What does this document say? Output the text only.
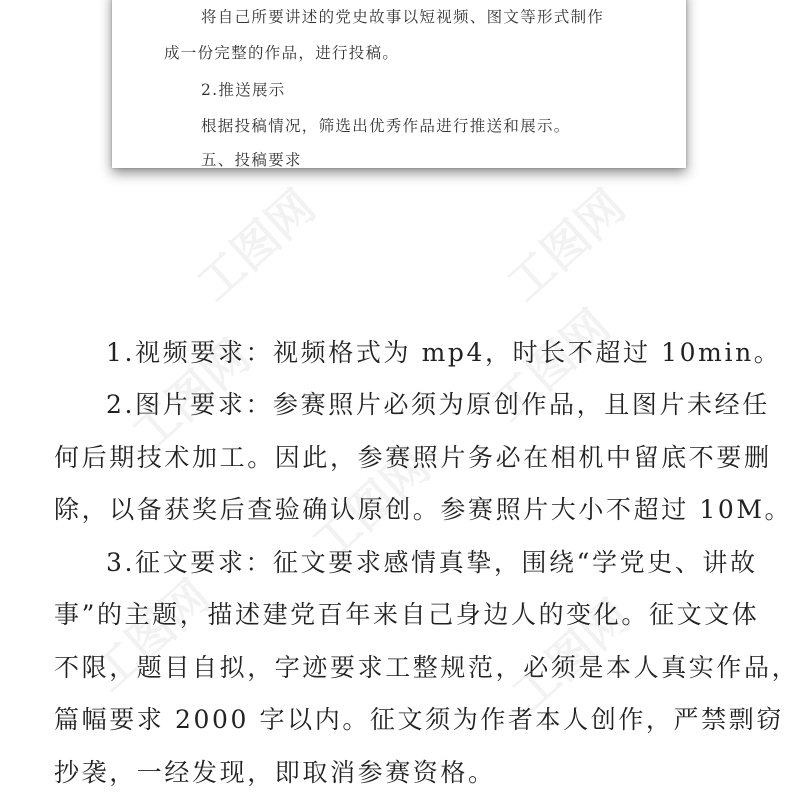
工图网	工图网
工图网	工图网
工图网
工图网	工图网

将自己所要讲述的党史故事以短视频、图文等形式制作

成一份完整的作品，进行投稿。

2.推送展示

根据投稿情况，筛选出优秀作品进行推送和展示。

五、投稿要求

1.视频要求：视频格式为 mp4，时长不超过 10min。

2.图片要求：参赛照片必须为原创作品，且图片未经任

何后期技术加工。因此，参赛照片务必在相机中留底不要删

除，以备获奖后查验确认原创。参赛照片大小不超过 10M。

3.征文要求：征文要求感情真挚，围绕“学党史、讲故

事”的主题，描述建党百年来自己身边人的变化。征文文体

不限，题目自拟，字迹要求工整规范，必须是本人真实作品，

篇幅要求 2000 字以内。征文须为作者本人创作，严禁剽窃

抄袭，一经发现，即取消参赛资格。
